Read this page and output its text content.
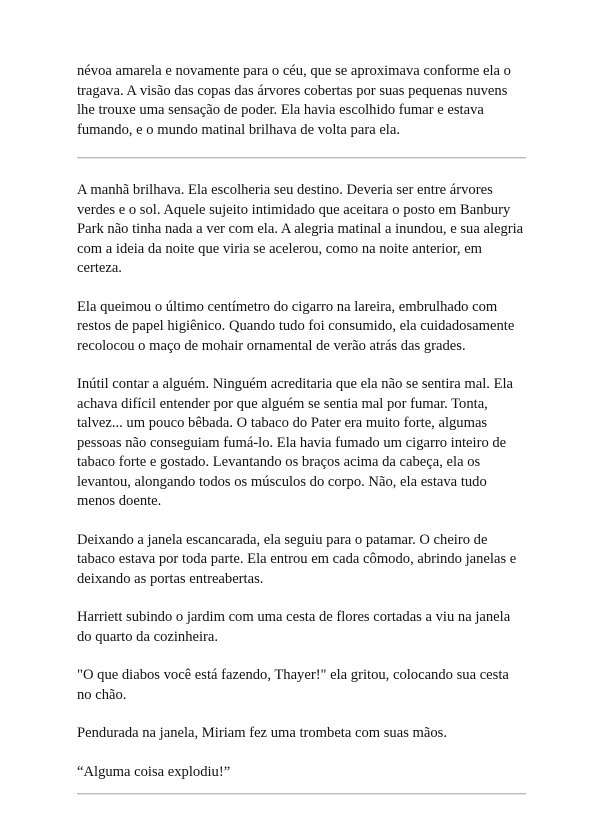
névoa amarela e novamente para o céu, que se aproximava conforme ela o tragava. A visão das copas das árvores cobertas por suas pequenas nuvens lhe trouxe uma sensação de poder. Ela havia escolhido fumar e estava fumando, e o mundo matinal brilhava de volta para ela.

A manhã brilhava. Ela escolheria seu destino. Deveria ser entre árvores verdes e o sol. Aquele sujeito intimidado que aceitara o posto em Banbury Park não tinha nada a ver com ela. A alegria matinal a inundou, e sua alegria com a ideia da noite que viria se acelerou, como na noite anterior, em certeza.

Ela queimou o último centímetro do cigarro na lareira, embrulhado com restos de papel higiênico. Quando tudo foi consumido, ela cuidadosamente recolocou o maço de mohair ornamental de verão atrás das grades.

Inútil contar a alguém. Ninguém acreditaria que ela não se sentira mal. Ela achava difícil entender por que alguém se sentia mal por fumar. Tonta, talvez... um pouco bêbada. O tabaco do Pater era muito forte, algumas pessoas não conseguiam fumá-lo. Ela havia fumado um cigarro inteiro de tabaco forte e gostado. Levantando os braços acima da cabeça, ela os levantou, alongando todos os músculos do corpo. Não, ela estava tudo menos doente.

Deixando a janela escancarada, ela seguiu para o patamar. O cheiro de tabaco estava por toda parte. Ela entrou em cada cômodo, abrindo janelas e deixando as portas entreabertas.

Harriett subindo o jardim com uma cesta de flores cortadas a viu na janela do quarto da cozinheira.

"O que diabos você está fazendo, Thayer!" ela gritou, colocando sua cesta no chão.

Pendurada na janela, Miriam fez uma trombeta com suas mãos.

“Alguma coisa explodiu!”
